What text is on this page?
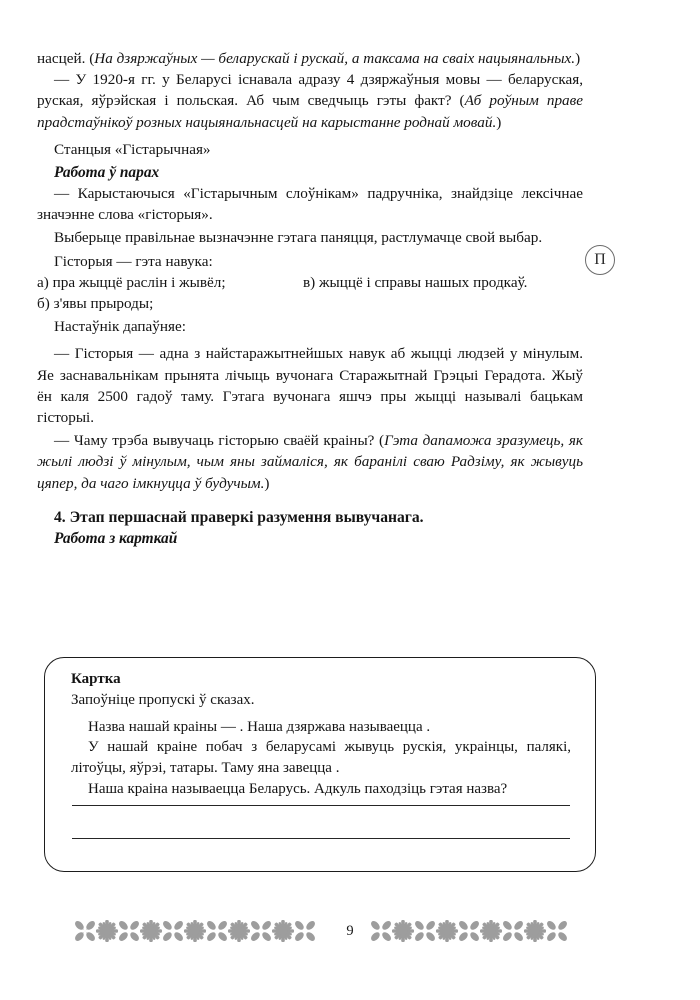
насцей. (На дзяржаўных — беларускай і рускай, а таксама на сваіх нацыянальных.)

— У 1920-я гг. у Беларусі існавала адразу 4 дзяржаўныя мовы — беларуская, руская, яўрэйская і польская. Аб чым сведчыць гэты факт? (Аб роўным праве прадстаўнікоў розных нацыянальнасцей на карыстанне роднай мовай.)

Станцыя «Гістарычная»

Работа ў парах

— Карыстаючыся «Гістарычным слоўнікам» падручніка, знайдзіце лексічнае значэнне слова «гісторыя».

Выберыце правільнае вызначэнне гэтага паняцця, растлумачце свой выбар.

Гісторыя — гэта навука:

а) пра жыццё раслін і жывёл;
б) з'явы прыроды;
в) жыццё і справы нашых продкаў.

Настаўнік дапаўняе:

— Гісторыя — адна з найстаражытнейшых навук аб жыцці людзей у мінулым. Яе заснавальнікам прынята лічыць вучонага Старажытнай Грэцыі Герадота. Жыў ён каля 2500 гадоў таму. Гэтага вучонага яшчэ пры жыцці называлі бацькам гісторыі.

— Чаму трэба вывучаць гісторыю сваёй краіны? (Гэта дапаможа зразумець, як жылі людзі ў мінулым, чым яны займаліся, як баранілі сваю Радзіму, як жывуць цяпер, да чаго імкнуцца ў будучым.)

4. Этап першаснай праверкі разумення вывучанага.

Работа з карткай

П

Картка

Запоўніце пропускі ў сказах.

Назва нашай краіны — . Наша дзяржава называецца .

У нашай краіне побач з беларусамі жывуць рускія, украінцы, палякі, літоўцы, яўрэі, татары. Таму яна завецца .

Наша краіна называецца Беларусь. Адкуль паходзіць гэтая назва?

9
